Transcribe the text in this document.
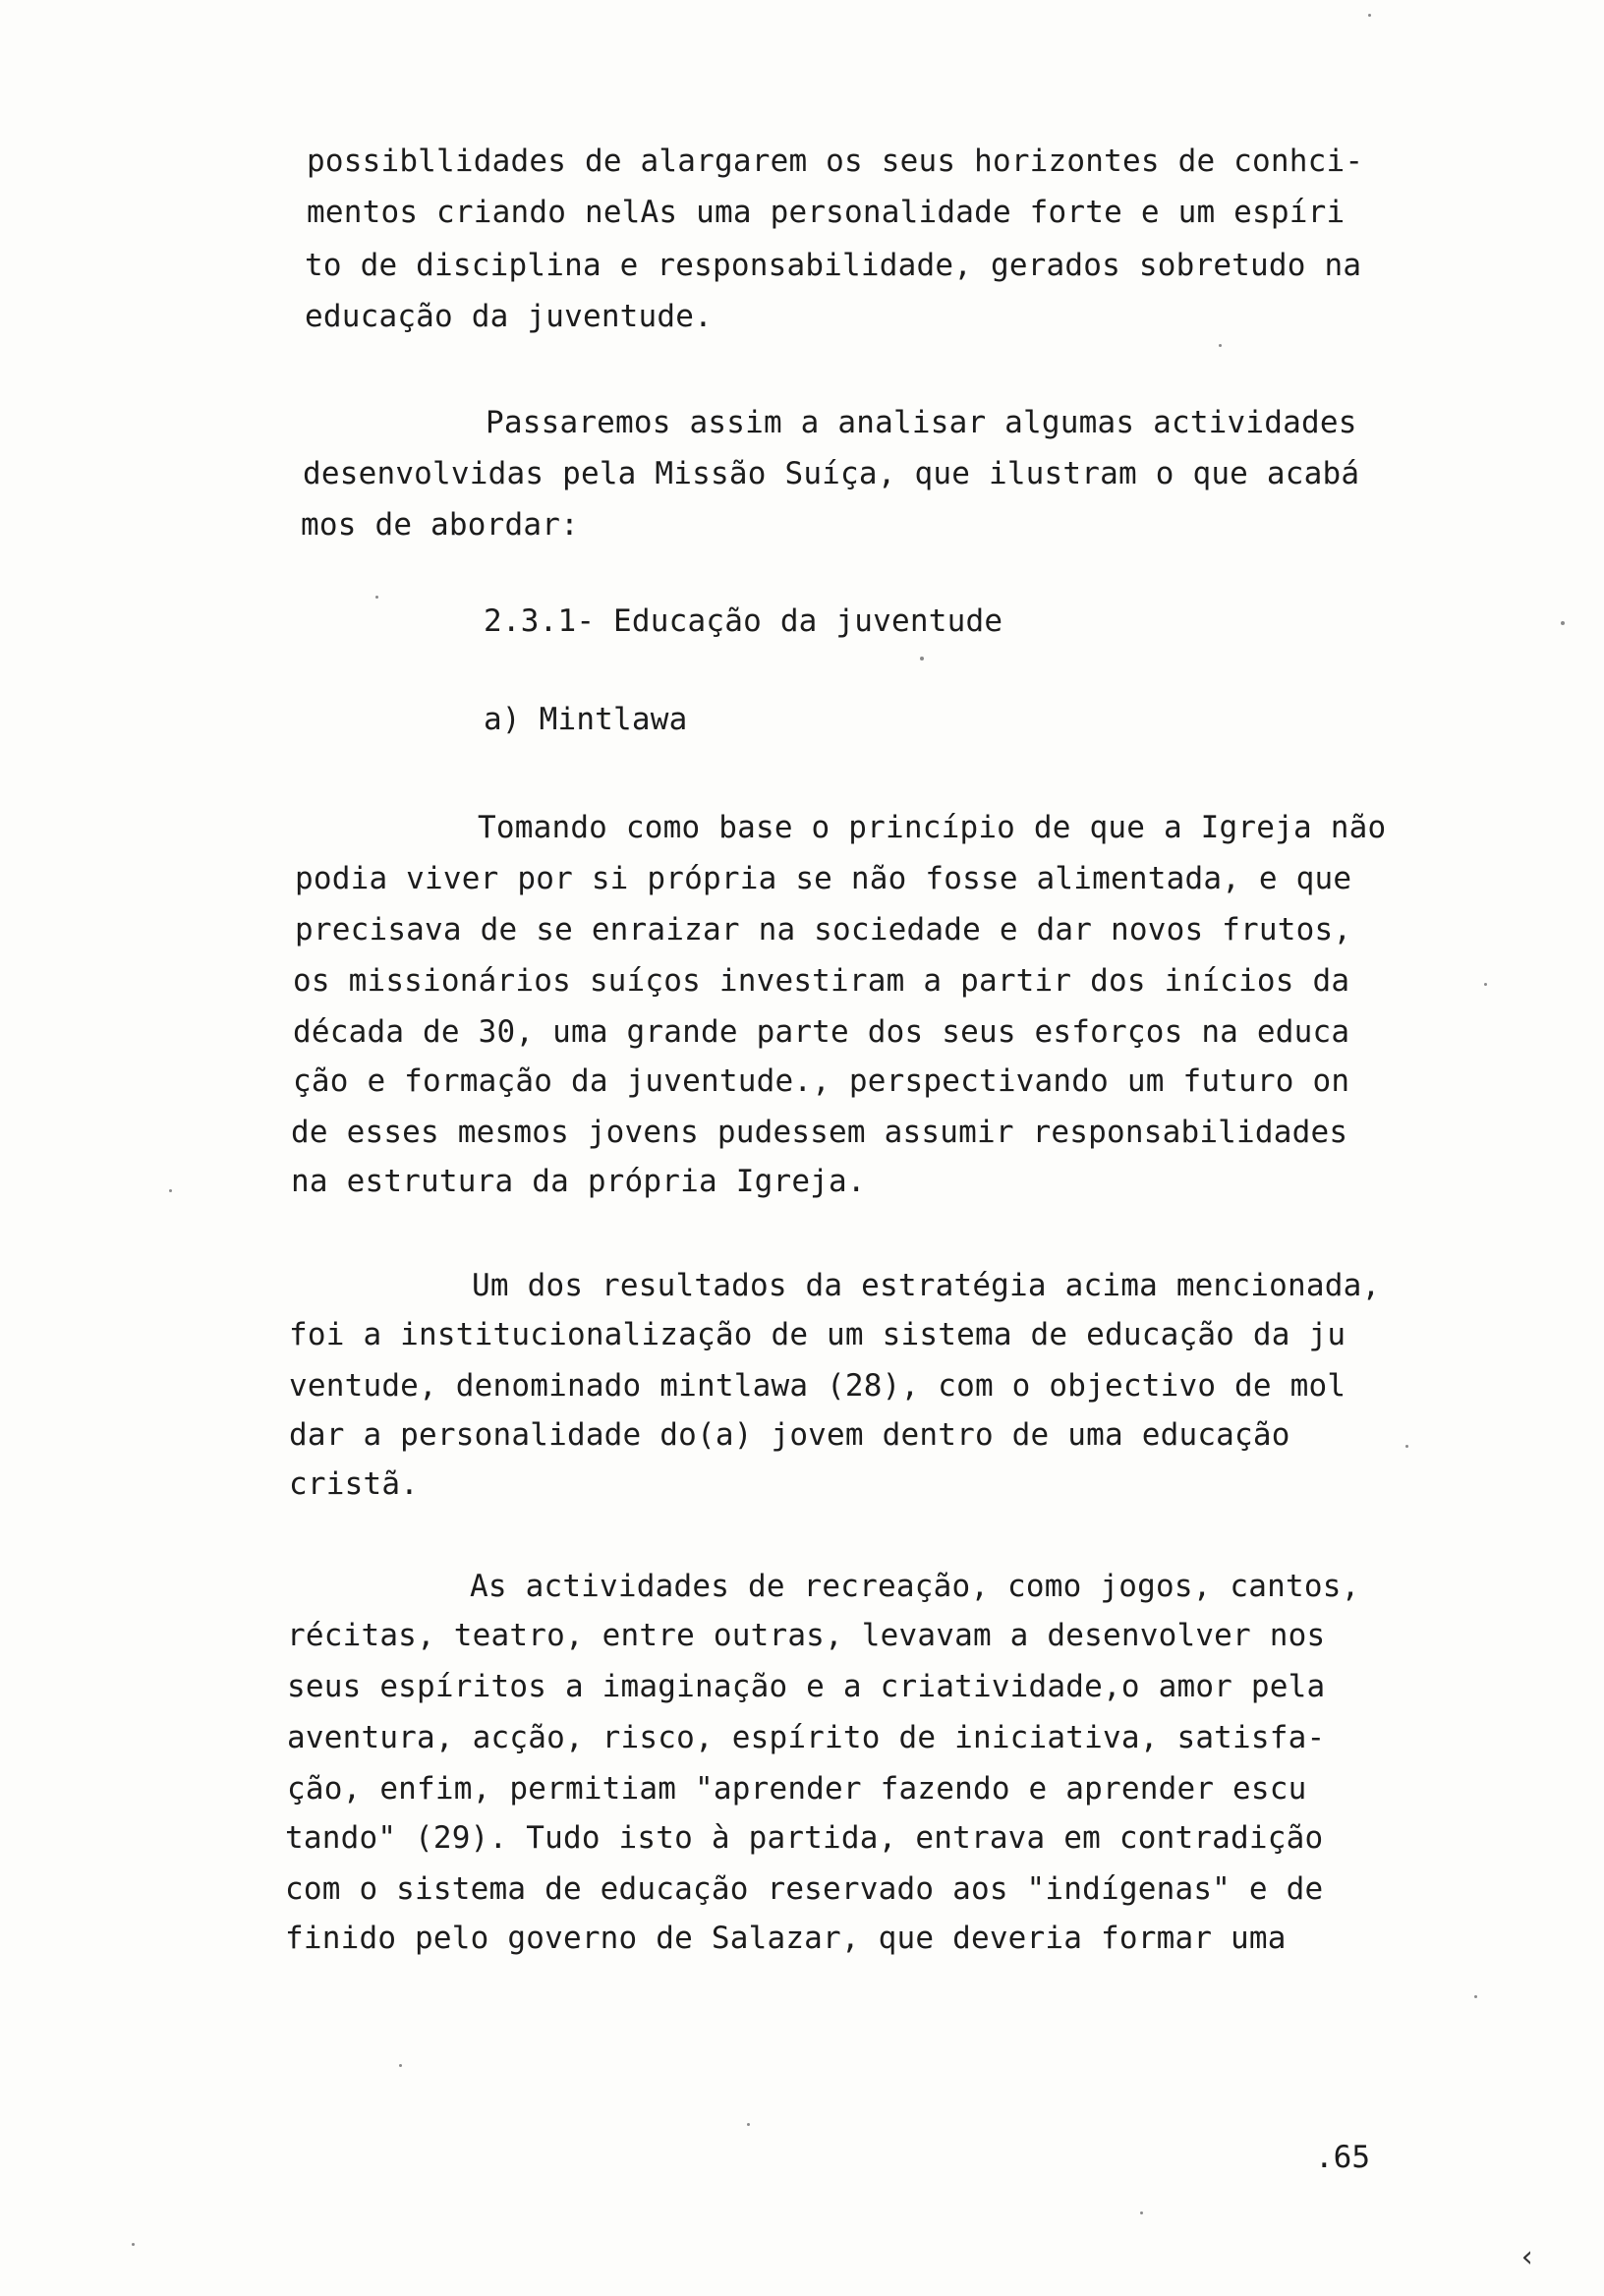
possibllidades de alargarem os seus horizontes de conhci-
mentos criando nelAs uma personalidade forte e um espíri
to de disciplina e responsabilidade, gerados sobretudo na
educação da juventude.
Passaremos assim a analisar algumas actividades
desenvolvidas pela Missão Suíça, que ilustram o que acabá
mos de abordar:
2.3.1- Educação da juventude
a) Mintlawa
Tomando como base o princípio de que a Igreja não
podia viver por si própria se não fosse alimentada, e que
precisava de se enraizar na sociedade e dar novos frutos,
os missionários suíços investiram a partir dos inícios da
década de 30, uma grande parte dos seus esforços na educa
ção e formação da juventude., perspectivando um futuro on
de esses mesmos jovens pudessem assumir responsabilidades
na estrutura da própria Igreja.
Um dos resultados da estratégia acima mencionada,
foi a institucionalização de um sistema de educação da ju
ventude, denominado mintlawa (28), com o objectivo de mol
dar a personalidade do(a) jovem dentro de uma educação
cristã.
As actividades de recreação, como jogos, cantos,
récitas, teatro, entre outras, levavam a desenvolver nos
seus espíritos a imaginação e a criatividade,o amor pela
aventura, acção, risco, espírito de iniciativa, satisfa-
ção, enfim, permitiam "aprender fazendo e aprender escu
tando" (29). Tudo isto à partida, entrava em contradição
com o sistema de educação reservado aos "indígenas" e de
finido pelo governo de Salazar, que deveria formar uma
.65
‹
